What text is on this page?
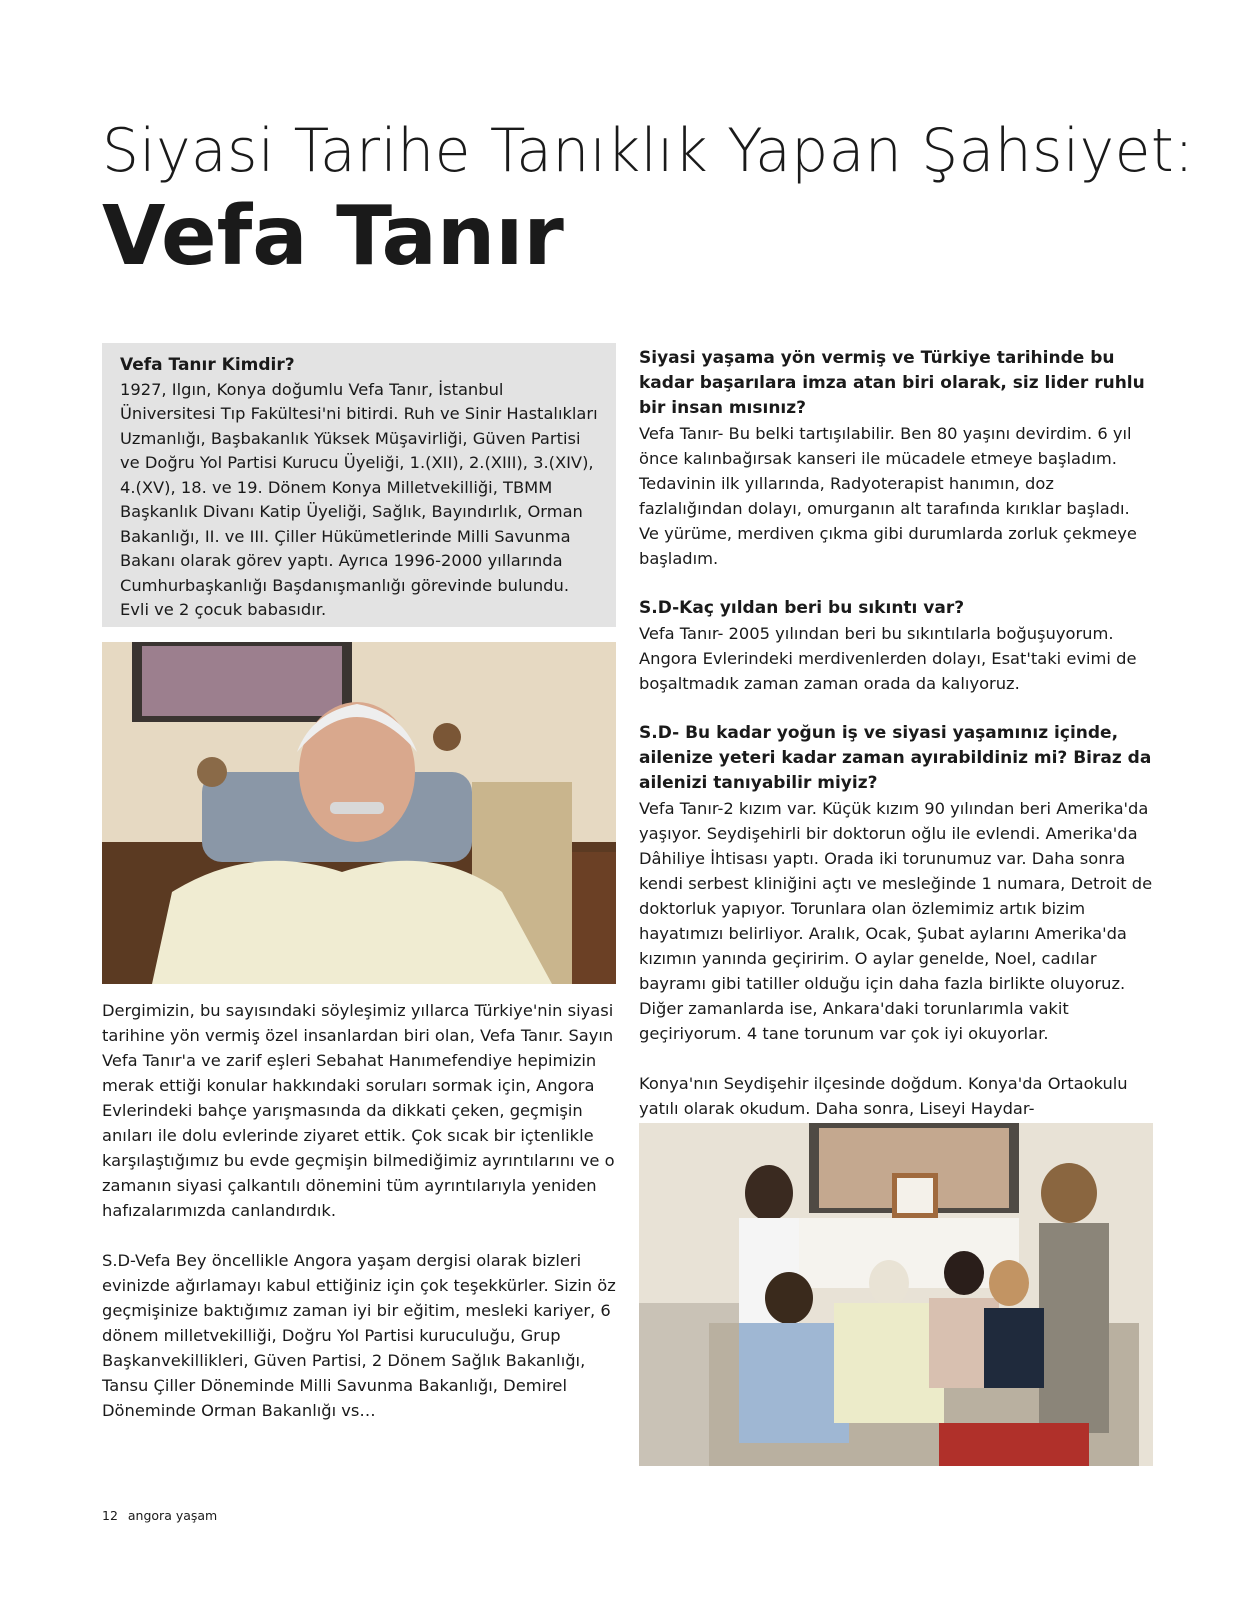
Siyasi Tarihe Tanıklık Yapan Şahsiyet:
Vefa Tanır
Vefa Tanır Kimdir?

1927, Ilgın, Konya doğumlu Vefa Tanır, İstanbul Üniversitesi Tıp Fakültesi'ni bitirdi. Ruh ve Sinir Hastalıkları Uzmanlığı, Başbakanlık Yüksek Müşavirliği, Güven Partisi ve Doğru Yol Partisi Kurucu Üyeliği, 1.(XII), 2.(XIII), 3.(XIV), 4.(XV), 18. ve 19. Dönem Konya Milletvekilliği, TBMM Başkanlık Divanı Katip Üyeliği, Sağlık, Bayındırlık, Orman Bakanlığı, II. ve III. Çiller Hükümetlerinde Milli Savunma Bakanı olarak görev yaptı. Ayrıca 1996-2000 yıllarında Cumhurbaşkanlığı Başdanışmanlığı görevinde bulundu. Evli ve 2 çocuk babasıdır.

Dergimizin, bu sayısındaki söyleşimiz yıllarca Türkiye'nin siyasi tarihine yön vermiş özel insanlardan biri olan, Vefa Tanır. Sayın Vefa Tanır'a ve zarif eşleri Sebahat Hanımefendiye hepimizin merak ettiği konular hakkındaki soruları sormak için, Angora Evlerindeki bahçe yarışmasında da dikkati çeken, geçmişin anıları ile dolu evlerinde ziyaret ettik. Çok sıcak bir içtenlikle karşılaştığımız bu evde geçmişin bilmediğimiz ayrıntılarını ve o zamanın siyasi çalkantılı dönemini tüm ayrıntılarıyla yeniden hafızalarımızda canlandırdık.

S.D-Vefa Bey öncellikle Angora yaşam dergisi olarak bizleri evinizde ağırlamayı kabul ettiğiniz için çok teşekkürler. Sizin öz geçmişinize baktığımız zaman iyi bir eğitim, mesleki kariyer, 6 dönem milletvekilliği, Doğru Yol Partisi kuruculuğu, Grup Başkanvekillikleri, Güven Partisi, 2 Dönem Sağlık Bakanlığı, Tansu Çiller Döneminde Milli Savunma Bakanlığı, Demirel Döneminde Orman Bakanlığı vs…

Siyasi yaşama yön vermiş ve Türkiye tarihinde bu kadar başarılara imza atan biri olarak, siz lider ruhlu bir insan mısınız?
Vefa Tanır- Bu belki tartışılabilir. Ben 80 yaşını devirdim. 6 yıl önce kalınbağırsak kanseri ile mücadele etmeye başladım. Tedavinin ilk yıllarında, Radyoterapist hanımın, doz fazlalığından dolayı, omurganın alt tarafında kırıklar başladı. Ve yürüme, merdiven çıkma gibi durumlarda zorluk çekmeye başladım.
S.D-Kaç yıldan beri bu sıkıntı var?
Vefa Tanır- 2005 yılından beri bu sıkıntılarla boğuşuyorum. Angora Evlerindeki merdivenlerden dolayı, Esat'taki evimi de boşaltmadık zaman zaman orada da kalıyoruz.
S.D- Bu kadar yoğun iş ve siyasi yaşamınız içinde, ailenize yeteri kadar zaman ayırabildiniz mi? Biraz da ailenizi tanıyabilir miyiz?
Vefa Tanır-2 kızım var. Küçük kızım 90 yılından beri Amerika'da yaşıyor. Seydişehirli bir doktorun oğlu ile evlendi. Amerika'da Dâhiliye İhtisası yaptı. Orada iki torunumuz var. Daha sonra kendi serbest kliniğini açtı ve mesleğinde 1 numara, Detroit de doktorluk yapıyor. Torunlara olan özlemimiz artık bizim hayatımızı belirliyor. Aralık, Ocak, Şubat aylarını Amerika'da kızımın yanında geçiririm. O aylar genelde, Noel, cadılar bayramı gibi tatiller olduğu için daha fazla birlikte oluyoruz. Diğer zamanlarda ise, Ankara'daki torunlarımla vakit geçiriyorum. 4 tane torunum var çok iyi okuyorlar.
Konya'nın Seydişehir ilçesinde doğdum. Konya'da Ortaokulu yatılı olarak okudum. Daha sonra, Liseyi Haydar-
12 angora yaşam
